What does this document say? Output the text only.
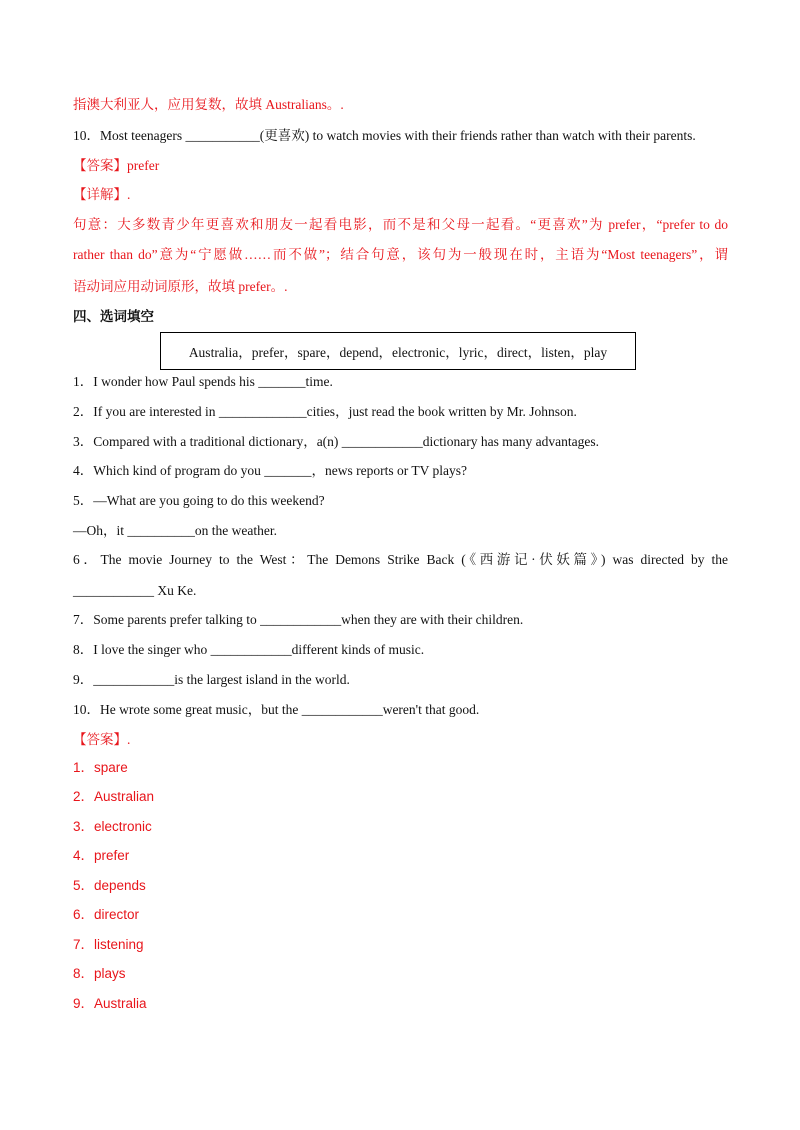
指澳大利亚人，应用复数，故填 Australians。.
10．Most teenagers ___________(更喜欢) to watch movies with their friends rather than watch with their parents.
【答案】prefer
【详解】.
句意：大多数青少年更喜欢和朋友一起看电影，而不是和父母一起看。“更喜欢”为 prefer，“prefer to do
rather than do”意为“宁愿做……而不做”；结合句意，该句为一般现在时，主语为“Most teenagers”，谓
语动词应用动词原形，故填 prefer。.
四、选词填空
Australia，prefer，spare，depend，electronic，lyric，direct，listen，play
1．I wonder how Paul spends his _______time.
2．If you are interested in _____________cities，just read the book written by Mr. Johnson.
3．Compared with a traditional dictionary，a(n) ____________dictionary has many advantages.
4．Which kind of program do you _______，news reports or TV plays?
5．—What are you going to do this weekend?
—Oh，it __________on the weather.
6．The movie Journey to the West：The Demons Strike Back (《西游记·伏妖篇》) was directed by the
____________ Xu Ke.
7．Some parents prefer talking to ____________when they are with their children.
8．I love the singer who ____________different kinds of music.
9．____________is the largest island in the world.
10．He wrote some great music，but the ____________weren't that good.
【答案】.
1．spare
2．Australian
3．electronic
4．prefer
5．depends
6．director
7．listening
8．plays
9．Australia
